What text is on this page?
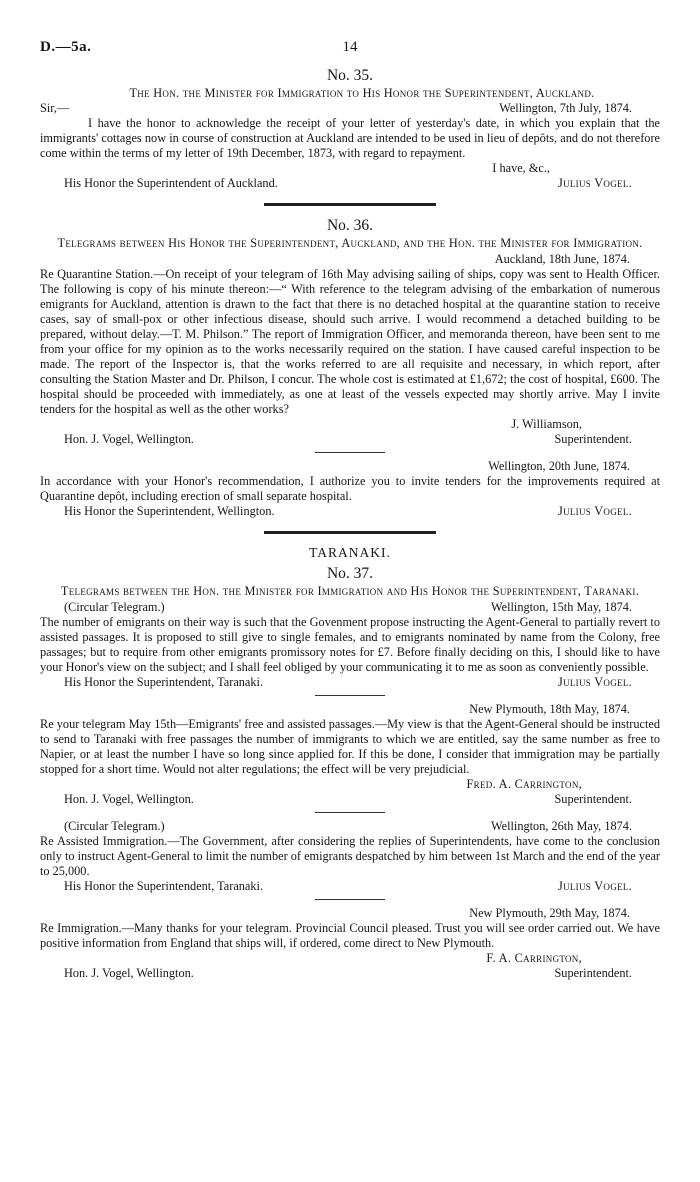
D.—5a.	14

No. 35.

The Hon. the Minister for Immigration to His Honor the Superintendent, Auckland.

Sir,—	Wellington, 7th July, 1874.

I have the honor to acknowledge the receipt of your letter of yesterday's date, in which you explain that the immigrants' cottages now in course of construction at Auckland are intended to be used in lieu of depôts, and do not therefore come within the terms of my letter of 19th December, 1873, with regard to repayment.

I have, &c.,

His Honor the Superintendent of Auckland.	Julius Vogel.

No. 36.

Telegrams between His Honor the Superintendent, Auckland, and the Hon. the Minister for Immigration.

Auckland, 18th June, 1874.

Re Quarantine Station.—On receipt of your telegram of 16th May advising sailing of ships, copy was sent to Health Officer. The following is copy of his minute thereon:—“ With reference to the telegram advising of the embarkation of numerous emigrants for Auckland, attention is drawn to the fact that there is no detached hospital at the quarantine station to receive cases, say of small-pox or other infectious disease, should such arrive. I would recommend a detached building to be prepared, without delay.—T. M. Philson.” The report of Immigration Officer, and memoranda thereon, have been sent to me from your office for my opinion as to the works necessarily required on the station. I have caused careful inspection to be made. The report of the Inspector is, that the works referred to are all requisite and necessary, in which report, after consulting the Station Master and Dr. Philson, I concur. The whole cost is estimated at £1,672; the cost of hospital, £600. The hospital should be proceeded with immediately, as one at least of the vessels expected may shortly arrive. May I invite tenders for the hospital as well as the other works?

J. Williamson,

Hon. J. Vogel, Wellington.	Superintendent.

Wellington, 20th June, 1874.

In accordance with your Honor's recommendation, I authorize you to invite tenders for the improvements required at Quarantine depôt, including erection of small separate hospital.

His Honor the Superintendent, Wellington.	Julius Vogel.

TARANAKI.

No. 37.

Telegrams between the Hon. the Minister for Immigration and His Honor the Superintendent, Taranaki.

(Circular Telegram.)	Wellington, 15th May, 1874.

The number of emigrants on their way is such that the Govenment propose instructing the Agent-General to partially revert to assisted passages. It is proposed to still give to single females, and to emigrants nominated by name from the Colony, free passages; but to require from other emigrants promissory notes for £7. Before finally deciding on this, I should like to have your Honor's view on the subject; and I shall feel obliged by your communicating it to me as soon as conveniently possible.

His Honor the Superintendent, Taranaki.	Julius Vogel.

New Plymouth, 18th May, 1874.

Re your telegram May 15th—Emigrants' free and assisted passages.—My view is that the Agent-General should be instructed to send to Taranaki with free passages the number of immigrants to which we are entitled, say the same number as free to Napier, or at least the number I have so long since applied for. If this be done, I consider that immigration may be partially stopped for a short time. Would not alter regulations; the effect will be very prejudicial.

Fred. A. Carrington,

Hon. J. Vogel, Wellington.	Superintendent.
(Circular Telegram.)	Wellington, 26th May, 1874.

Re Assisted Immigration.—The Government, after considering the replies of Superintendents, have come to the conclusion only to instruct Agent-General to limit the number of emigrants despatched by him between 1st March and the end of the year to 25,000.

His Honor the Superintendent, Taranaki.	Julius Vogel.

New Plymouth, 29th May, 1874.

Re Immigration.—Many thanks for your telegram. Provincial Council pleased. Trust you will see order carried out. We have positive information from England that ships will, if ordered, come direct to New Plymouth.

F. A. Carrington,

Hon. J. Vogel, Wellington.	Superintendent.
